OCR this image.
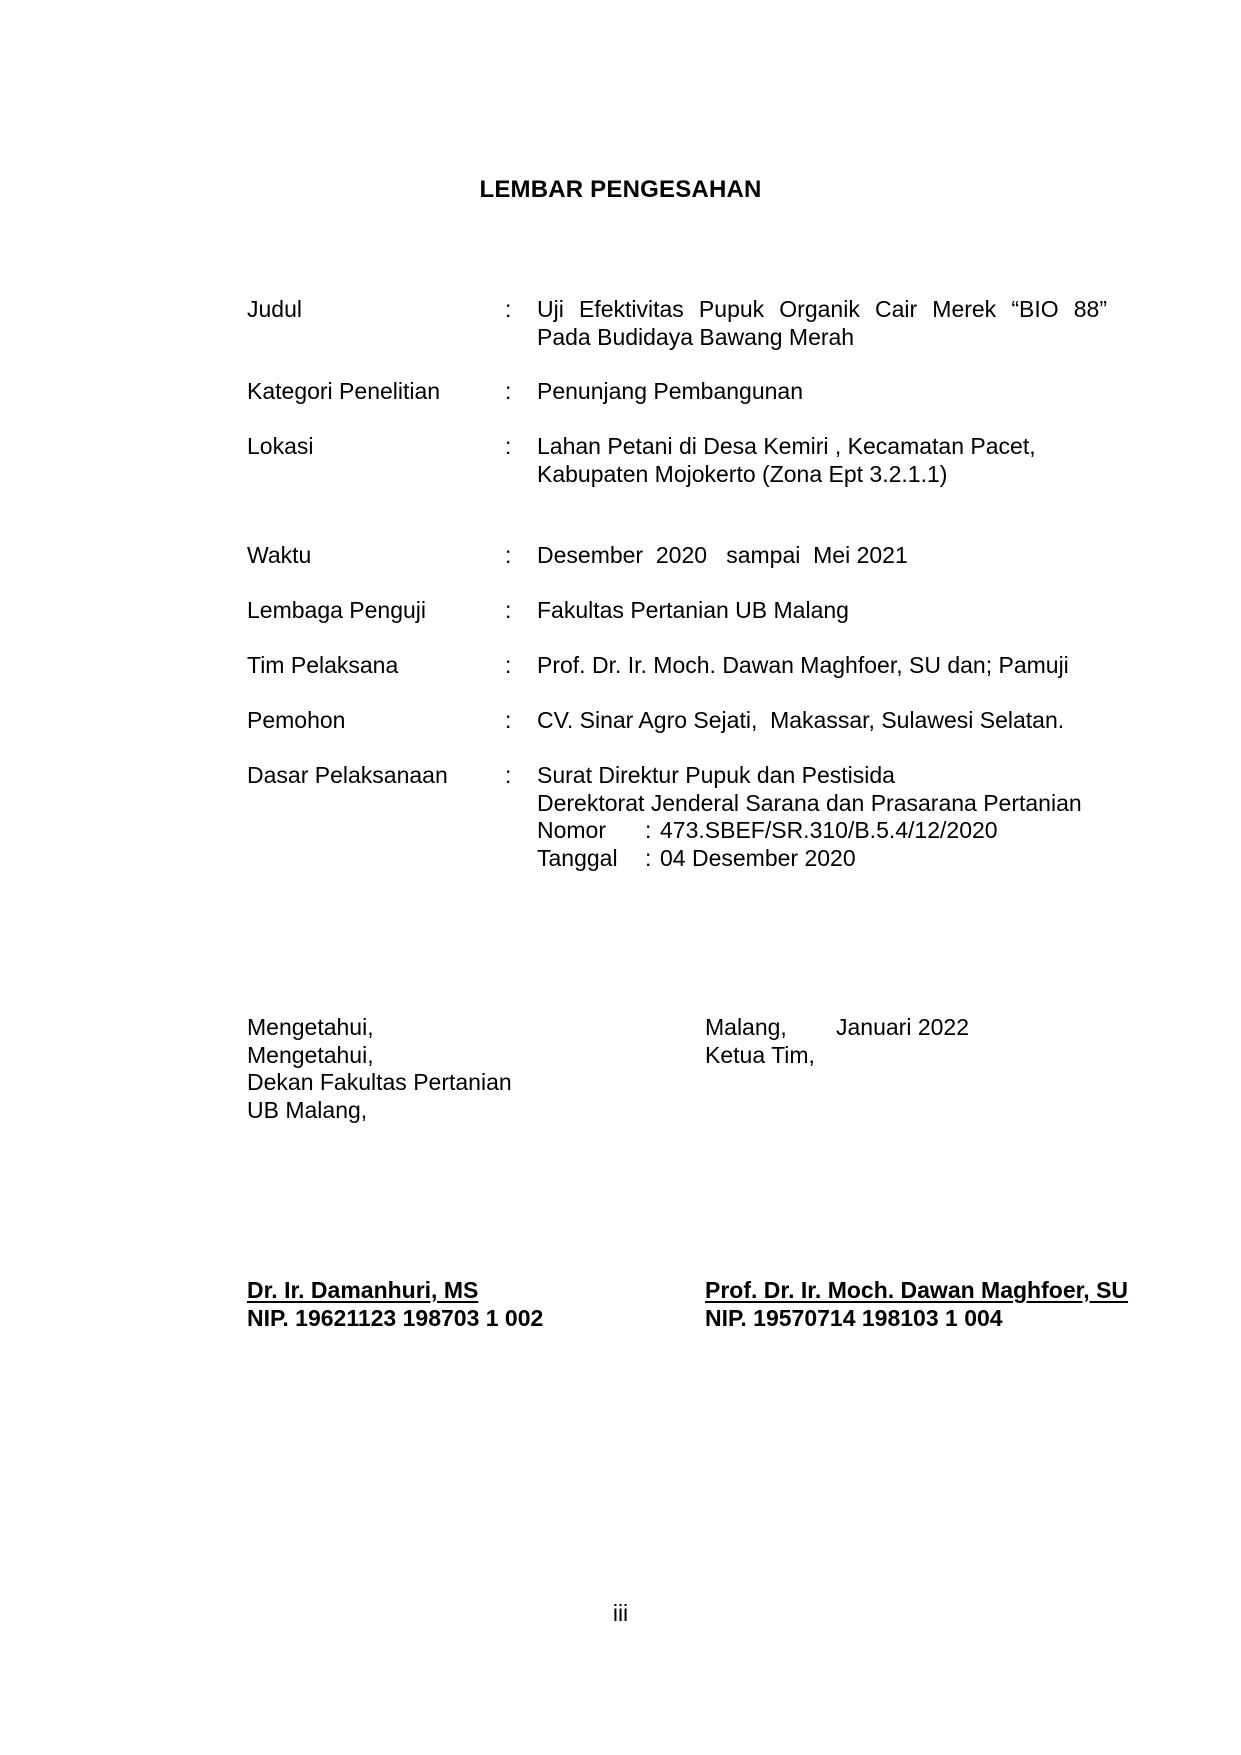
LEMBAR PENGESAHAN
Judul	: Uji Efektivitas Pupuk Organik Cair Merek “BIO 88”
Pada Budidaya Bawang Merah
Kategori Penelitian	: Penunjang Pembangunan
Lokasi	: Lahan Petani di Desa Kemiri , Kecamatan Pacet,
Kabupaten Mojokerto (Zona Ept 3.2.1.1)
Waktu	: Desember  2020   sampai  Mei 2021
Lembaga Penguji	: Fakultas Pertanian UB Malang
Tim Pelaksana	: Prof. Dr. Ir. Moch. Dawan Maghfoer, SU dan; Pamuji
Pemohon	: CV. Sinar Agro Sejati,  Makassar, Sulawesi Selatan.
Dasar Pelaksanaan : Surat Direktur Pupuk dan Pestisida
Derektorat Jenderal Sarana dan Prasarana Pertanian
Nomor : 473.SBEF/SR.310/B.5.4/12/2020
Tanggal : 04 Desember 2020
Mengetahui,
Mengetahui,
Dekan Fakultas Pertanian
UB Malang,
Malang, Januari 2022
Ketua Tim,
Dr. Ir. Damanhuri, MS
NIP. 19621123 198703 1 002
Prof. Dr. Ir. Moch. Dawan Maghfoer, SU
NIP. 19570714 198103 1 004
iii
